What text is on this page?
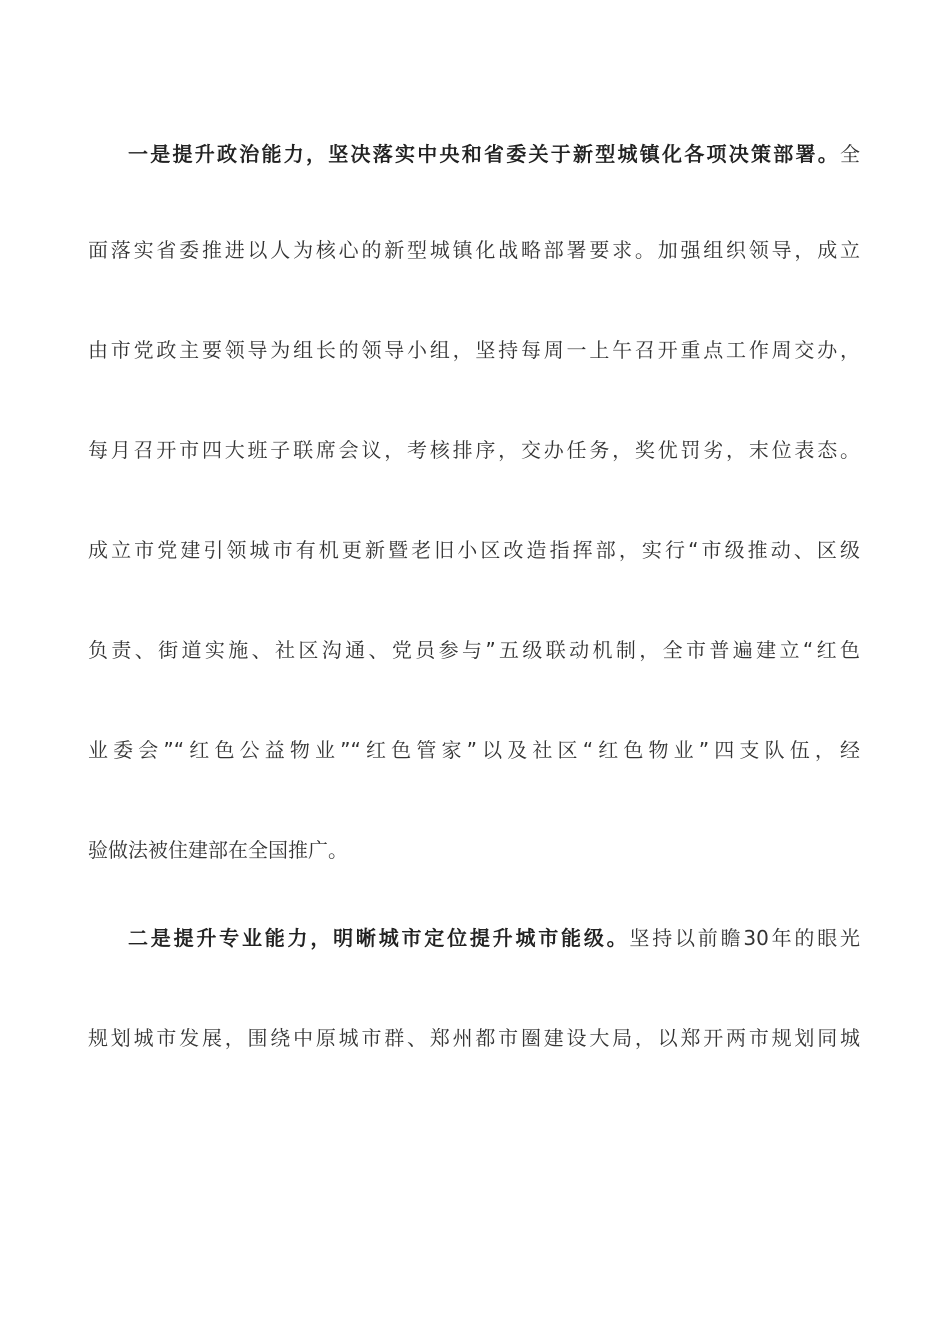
一是提升政治能力，坚决落实中央和省委关于新型城镇化各项决策部署。全
面落实省委推进以人为核心的新型城镇化战略部署要求。加强组织领导，成立
由市党政主要领导为组长的领导小组，坚持每周一上午召开重点工作周交办，
每月召开市四大班子联席会议，考核排序，交办任务，奖优罚劣，末位表态。
成立市党建引领城市有机更新暨老旧小区改造指挥部，实行“市级推动、区级
负责、街道实施、社区沟通、党员参与”五级联动机制，全市普遍建立“红色
业委会”“红色公益物业”“红色管家”以及社区“红色物业”四支队伍，经
验做法被住建部在全国推广。
二是提升专业能力，明晰城市定位提升城市能级。坚持以前瞻30年的眼光
规划城市发展，围绕中原城市群、郑州都市圈建设大局，以郑开两市规划同城
